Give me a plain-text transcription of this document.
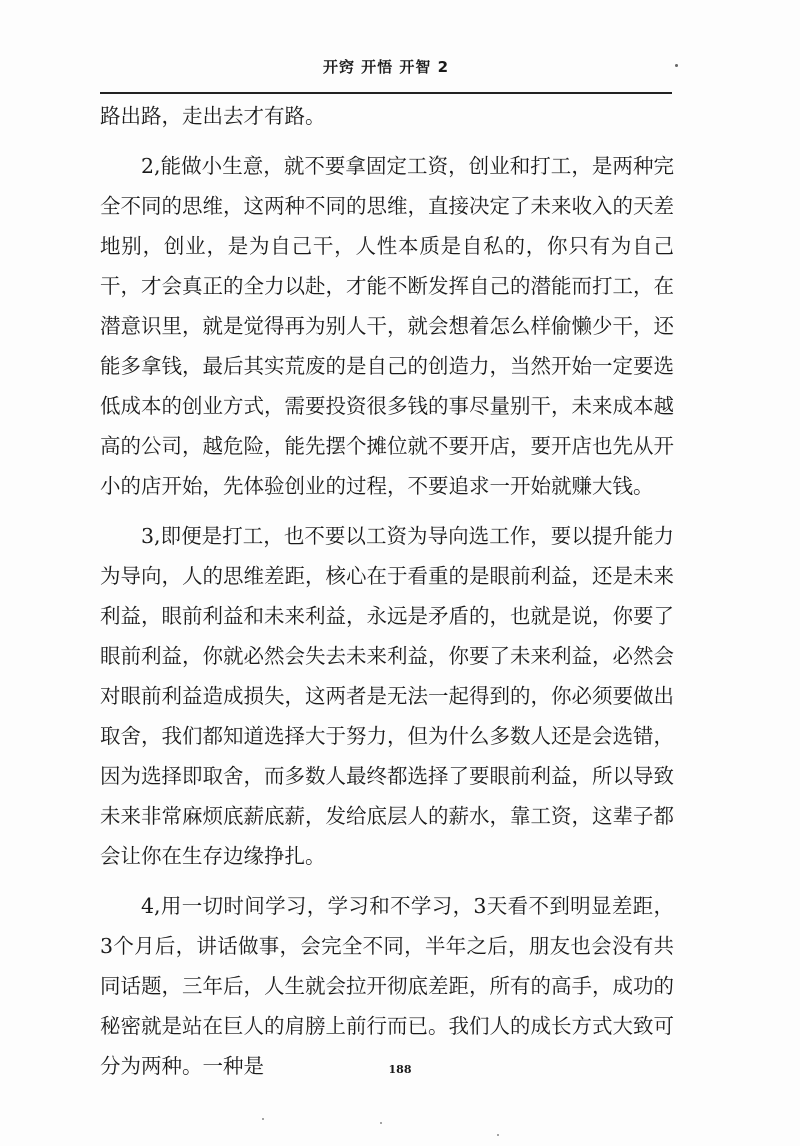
开窍 开悟 开智 2

路出路，走出去才有路。

2,能做小生意，就不要拿固定工资，创业和打工，是两种完全不同的思维，这两种不同的思维，直接决定了未来收入的天差地别，创业，是为自己干，人性本质是自私的，你只有为自己干，才会真正的全力以赴，才能不断发挥自己的潜能而打工，在潜意识里，就是觉得再为别人干，就会想着怎么样偷懒少干，还能多拿钱，最后其实荒废的是自己的创造力，当然开始一定要选低成本的创业方式，需要投资很多钱的事尽量别干，未来成本越高的公司，越危险，能先摆个摊位就不要开店，要开店也先从开小的店开始，先体验创业的过程，不要追求一开始就赚大钱。

3,即便是打工，也不要以工资为导向选工作，要以提升能力为导向，人的思维差距，核心在于看重的是眼前利益，还是未来利益，眼前利益和未来利益，永远是矛盾的，也就是说，你要了眼前利益，你就必然会失去未来利益，你要了未来利益，必然会对眼前利益造成损失，这两者是无法一起得到的，你必须要做出取舍，我们都知道选择大于努力，但为什么多数人还是会选错，因为选择即取舍，而多数人最终都选择了要眼前利益，所以导致未来非常麻烦底薪底薪，发给底层人的薪水，靠工资，这辈子都会让你在生存边缘挣扎。

4,用一切时间学习，学习和不学习，3天看不到明显差距，3个月后，讲话做事，会完全不同，半年之后，朋友也会没有共同话题，三年后，人生就会拉开彻底差距，所有的高手，成功的秘密就是站在巨人的肩膀上前行而已。我们人的成长方式大致可分为两种。一种是	188
